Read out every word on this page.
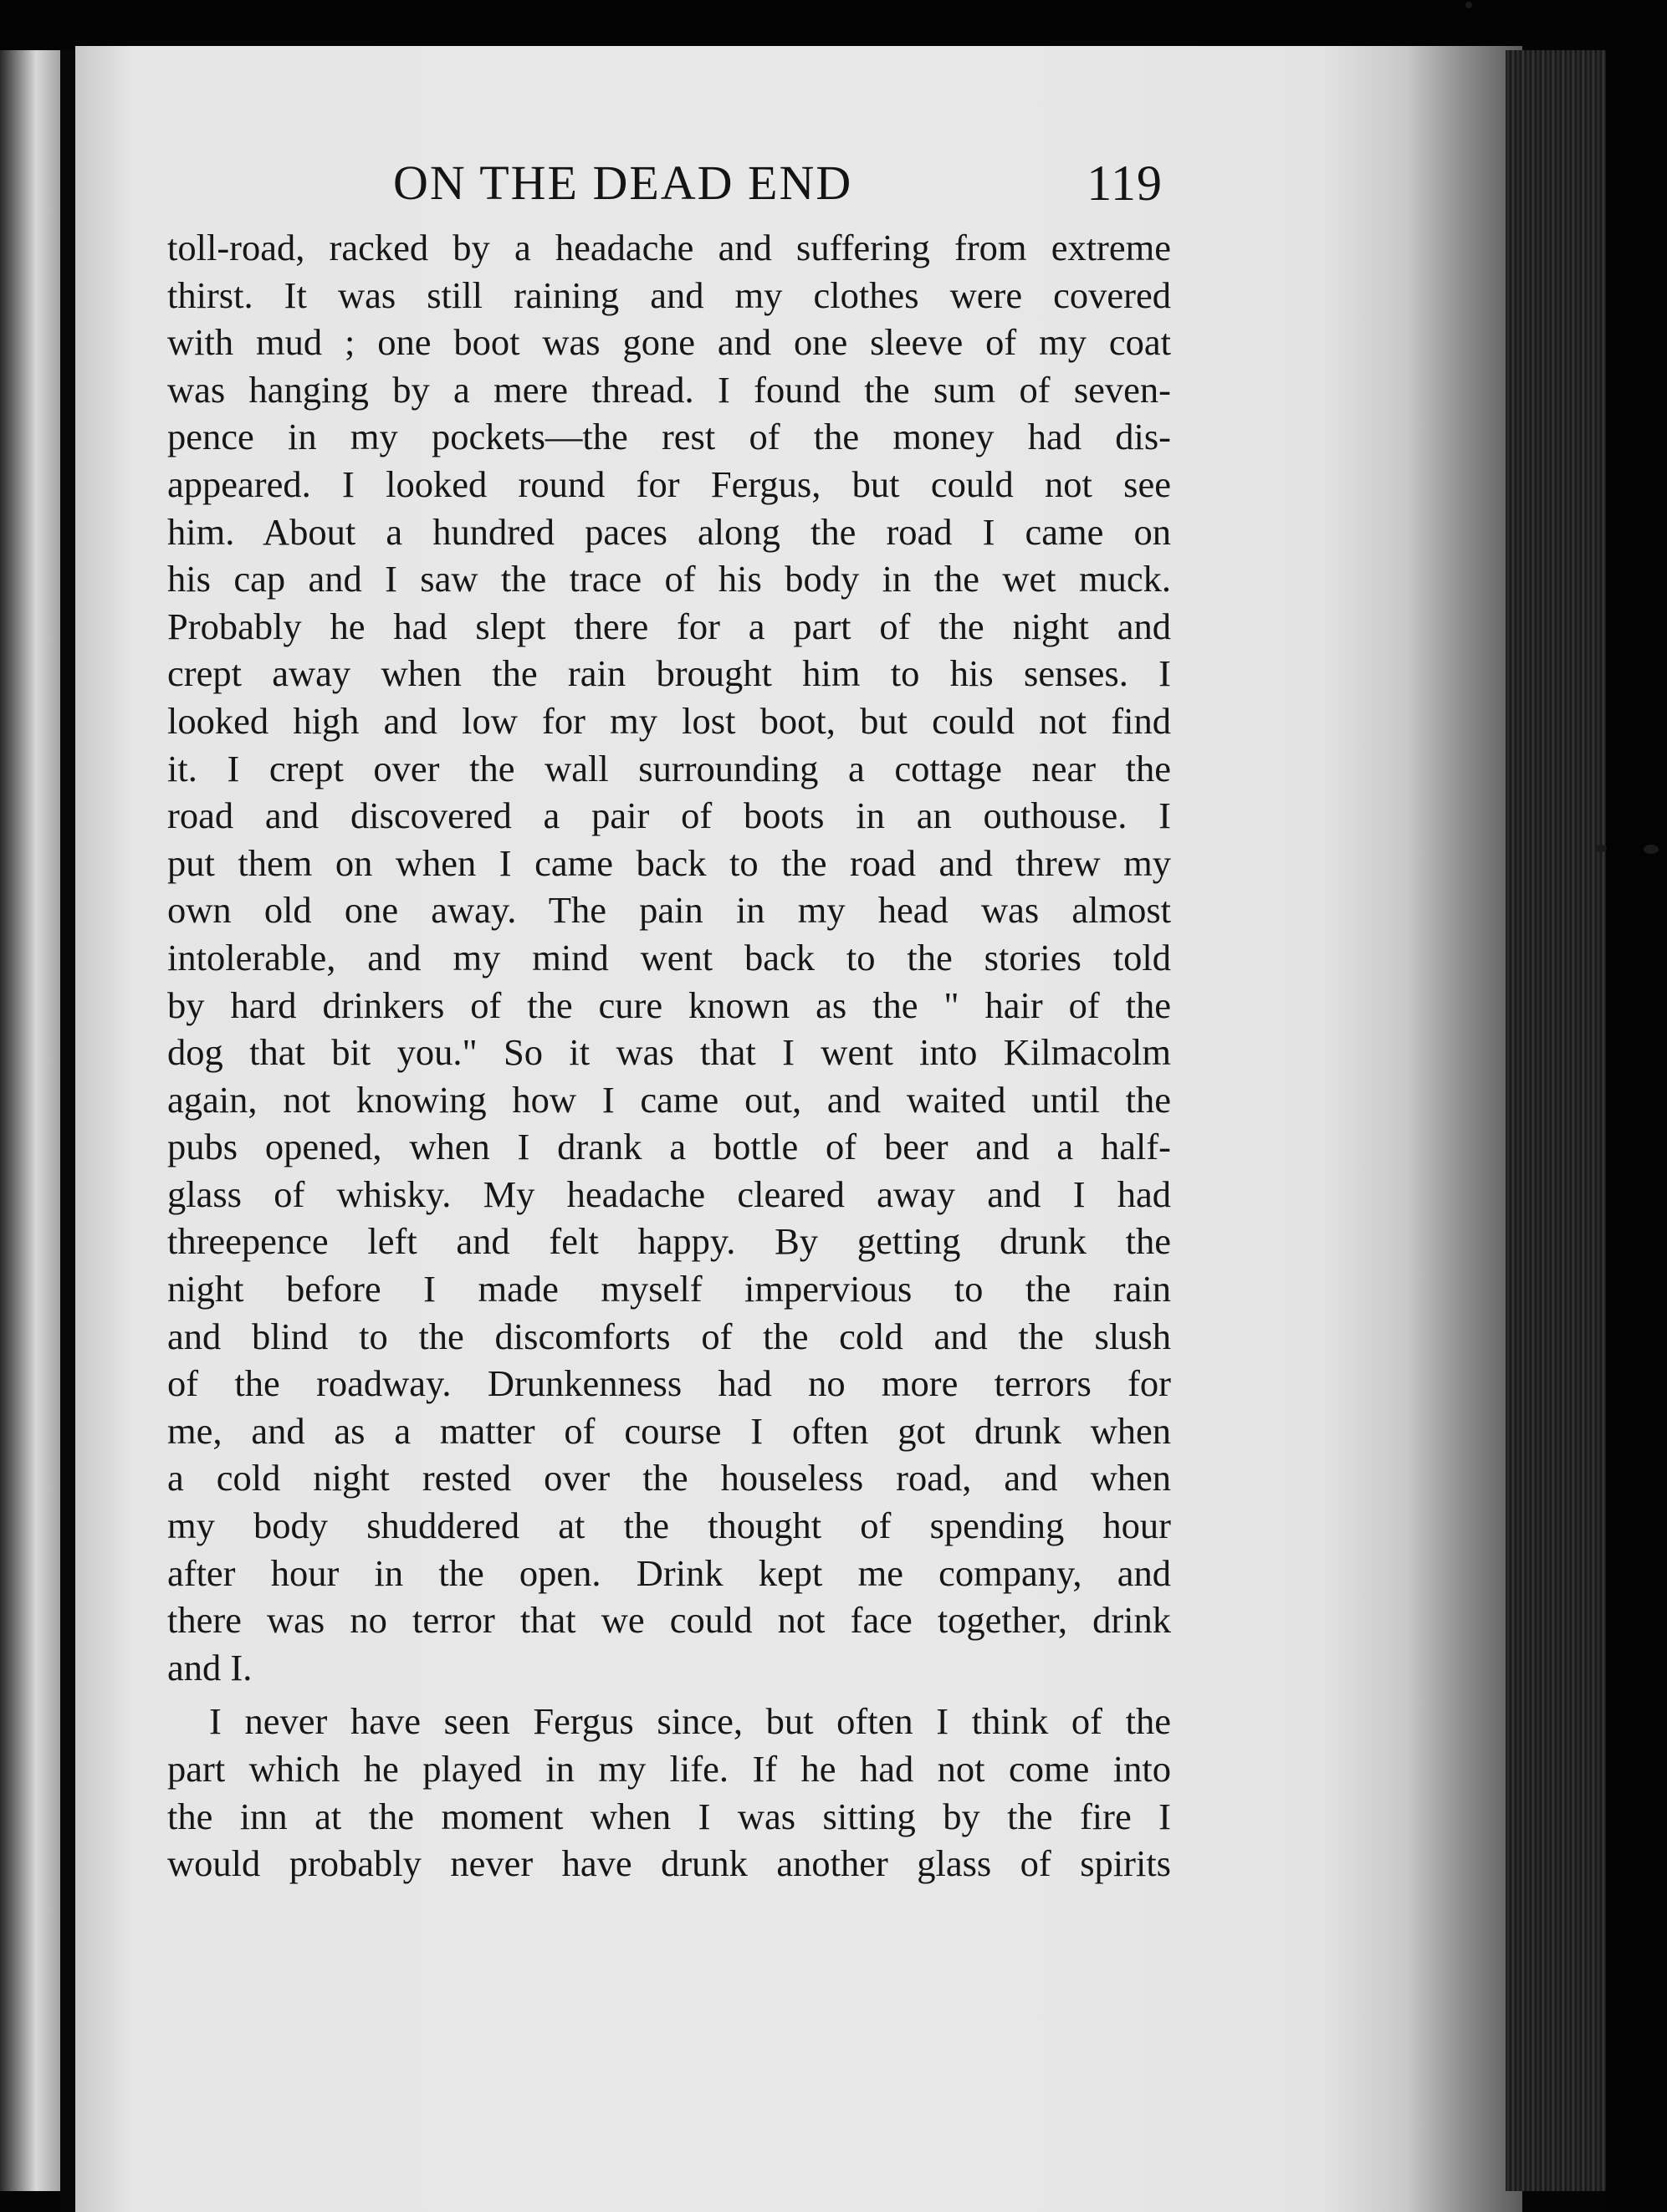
ON THE DEAD END	119
toll-road, racked by a headache and suffering from extreme
thirst. It was still raining and my clothes were covered
with mud ; one boot was gone and one sleeve of my coat
was hanging by a mere thread. I found the sum of seven-
pence in my pockets—the rest of the money had dis-
appeared. I looked round for Fergus, but could not see
him. About a hundred paces along the road I came on
his cap and I saw the trace of his body in the wet muck.
Probably he had slept there for a part of the night and
crept away when the rain brought him to his senses. I
looked high and low for my lost boot, but could not find
it. I crept over the wall surrounding a cottage near the
road and discovered a pair of boots in an outhouse. I
put them on when I came back to the road and threw my
own old one away. The pain in my head was almost
intolerable, and my mind went back to the stories told
by hard drinkers of the cure known as the " hair of the
dog that bit you." So it was that I went into Kilmacolm
again, not knowing how I came out, and waited until the
pubs opened, when I drank a bottle of beer and a half-
glass of whisky. My headache cleared away and I had
threepence left and felt happy. By getting drunk the
night before I made myself impervious to the rain
and blind to the discomforts of the cold and the slush
of the roadway. Drunkenness had no more terrors for
me, and as a matter of course I often got drunk when
a cold night rested over the houseless road, and when
my body shuddered at the thought of spending hour
after hour in the open. Drink kept me company, and
there was no terror that we could not face together, drink
and I.
I never have seen Fergus since, but often I think of the
part which he played in my life. If he had not come into
the inn at the moment when I was sitting by the fire I
would probably never have drunk another glass of spirits
